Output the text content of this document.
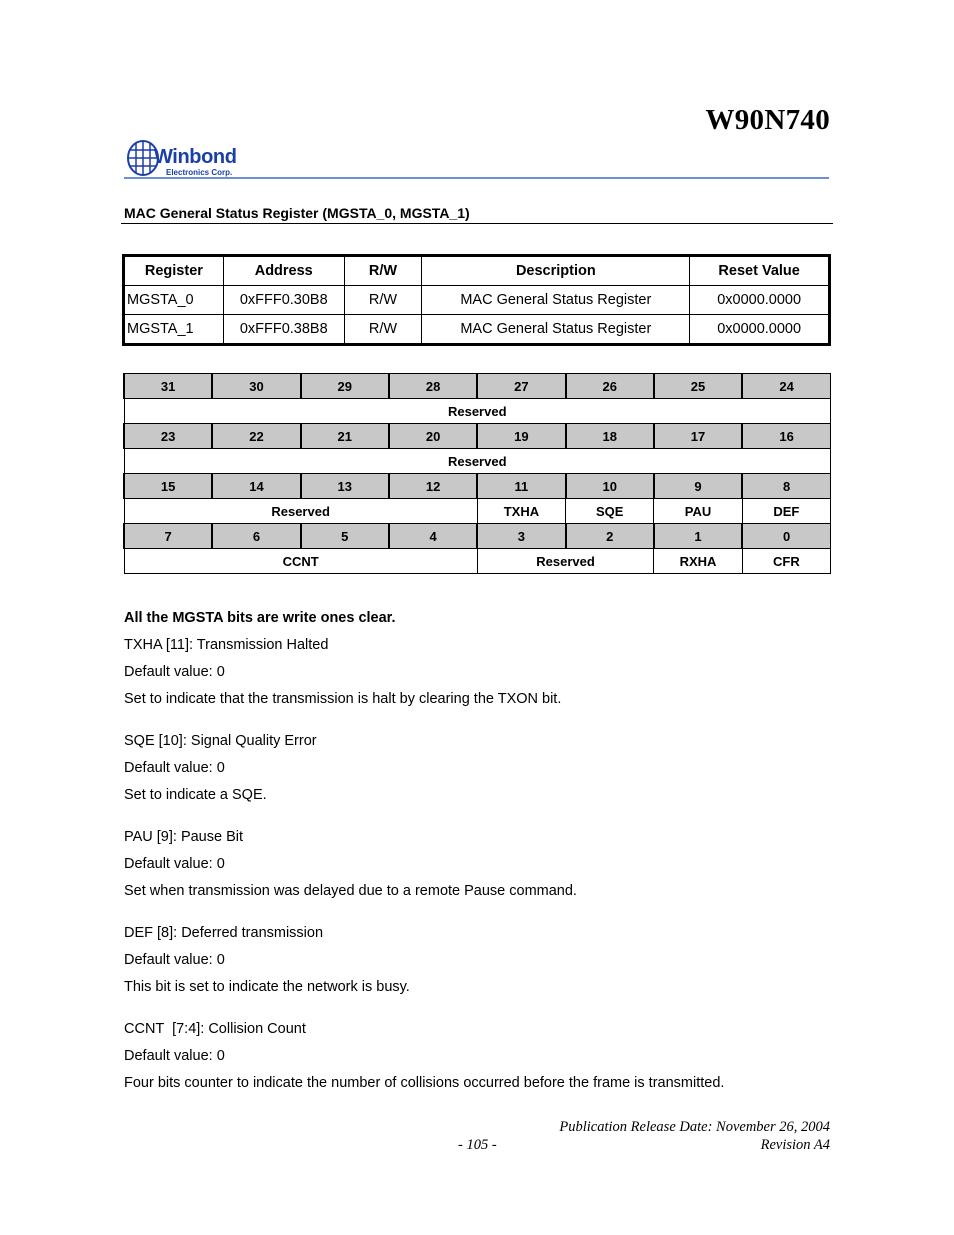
W90N740
Winbond
Electronics Corp.
MAC General Status Register (MGSTA_0, MGSTA_1)
Register	Address	R/W	Description	Reset Value
MGSTA_0	0xFFF0.30B8	R/W	MAC General Status Register	0x0000.0000
MGSTA_1	0xFFF0.38B8	R/W	MAC General Status Register	0x0000.0000
31	30	29	28	27	26	25	24
Reserved							
23	22	21	20	19	18	17	16
Reserved							
15	14	13	12	11	10	9	8
Reserved				TXHA	SQE	PAU	DEF
7	6	5	4	3	2	1	0
CCNT				Reserved		RXHA	CFR
All the MGSTA bits are write ones clear.
TXHA [11]: Transmission Halted
Default value: 0
Set to indicate that the transmission is halt by clearing the TXON bit.
SQE [10]: Signal Quality Error
Default value: 0
Set to indicate a SQE.
PAU [9]: Pause Bit
Default value: 0
Set when transmission was delayed due to a remote Pause command.
DEF [8]: Deferred transmission
Default value: 0
This bit is set to indicate the network is busy.
CCNT  [7:4]: Collision Count
Default value: 0
Four bits counter to indicate the number of collisions occurred before the frame is transmitted.
Publication Release Date: November 26, 2004
- 105 -	Revision A4
